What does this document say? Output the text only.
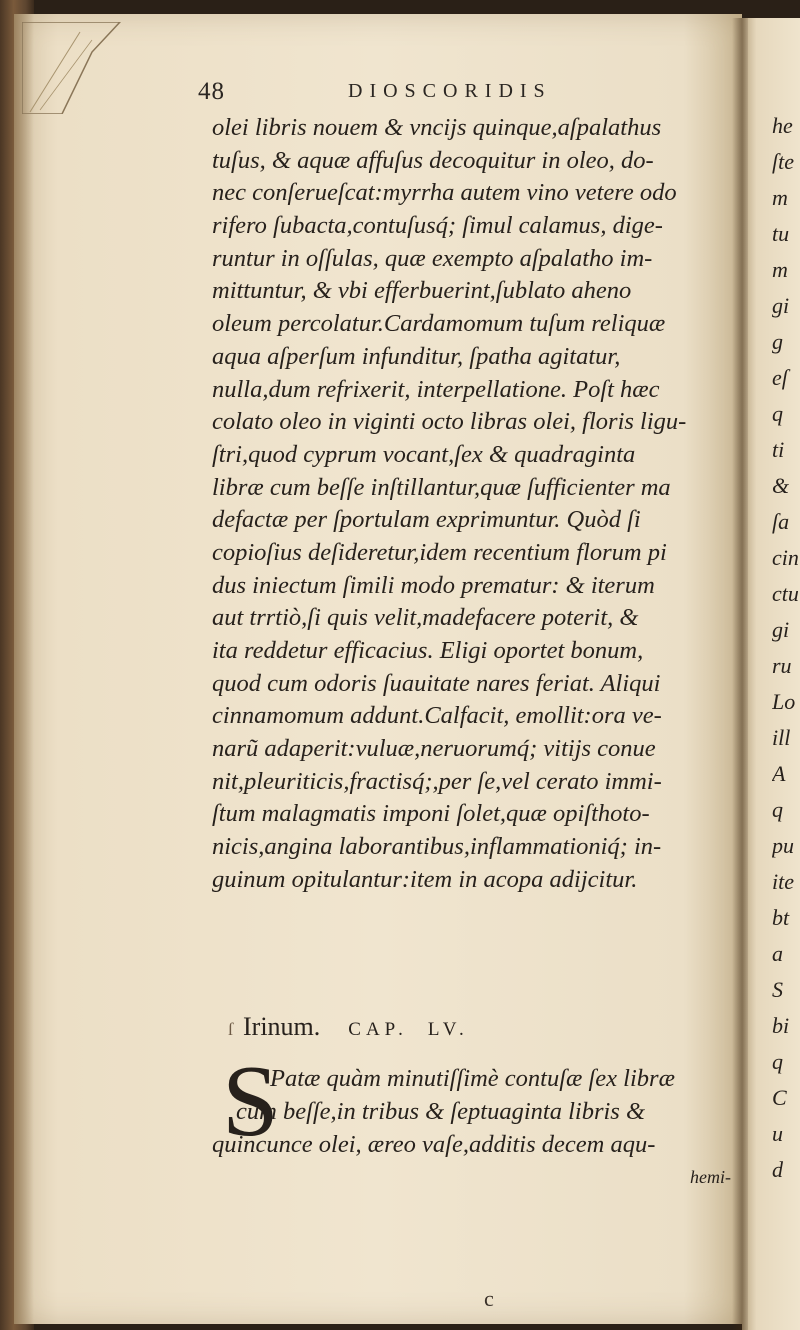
48	DIOSCORIDIS
olei libris nouem & vnciјs quinque,aſpalathus
tuſus, & aquæ affuſus decoquitur in oleo, do-
nec conſerueſcat:myrrha autem vino vetere odo
rifero ſubacta,contuſusq́; ſimul calamus, dige-
runtur in oſſulas, quæ exempto aſpalatho im-
mittuntur, & vbi efferbuerint,ſublato aheno
oleum percolatur.Cardamomum tuſum reliquæ
aqua aſperſum infunditur, ſpatha agitatur,
nulla,dum refrixerit, interpellatione. Poſt hæc
colato oleo in viginti octo libras olei, floris ligu-
ſtri,quod cyprum vocant,ſex & quadraginta
libræ cum beſſe inſtillantur,quæ ſufficienter ma
defactæ per ſportulam exprimuntur. Quòd ſi
copioſius deſideretur,idem recentium florum pi
dus iniectum ſimili modo prematur: & iterum
aut trrtiò,ſi quis velit,madefacere poterit, &
ita reddetur efficacius. Eligi oportet bonum,
quod cum odoris ſuauitate nares feriat. Aliqui
cinnamomum addunt.Calfacit, emollit:ora ve-
narũ adaperit:vuluæ,neruorumq́; vitijs conue
nit,pleuriticis,fractisq́;,per ſe,vel cerato immi-
ſtum malagmatis imponi ſolet,quæ opiſthoto-
nicis,angina laborantibus,inflammationiq́; in-
guinum opitulantur:item in acopa adijcitur.
ſ Irinum. CAP. LV.
S
Patæ quàm minutiſſimè contuſæ ſex libræ
cum beſſe,in tribus & ſeptuaginta libris &
quincunce olei, æreo vaſe,additis decem aqu-
hemi-
he
ſte
m
tu
m
gi
g
eſ
q
ti
&
ſa
cin
ctu
gi
ru
Lo
ill
A
q
pu
ite
bt
a
S
bi
q
C
u
d
c
